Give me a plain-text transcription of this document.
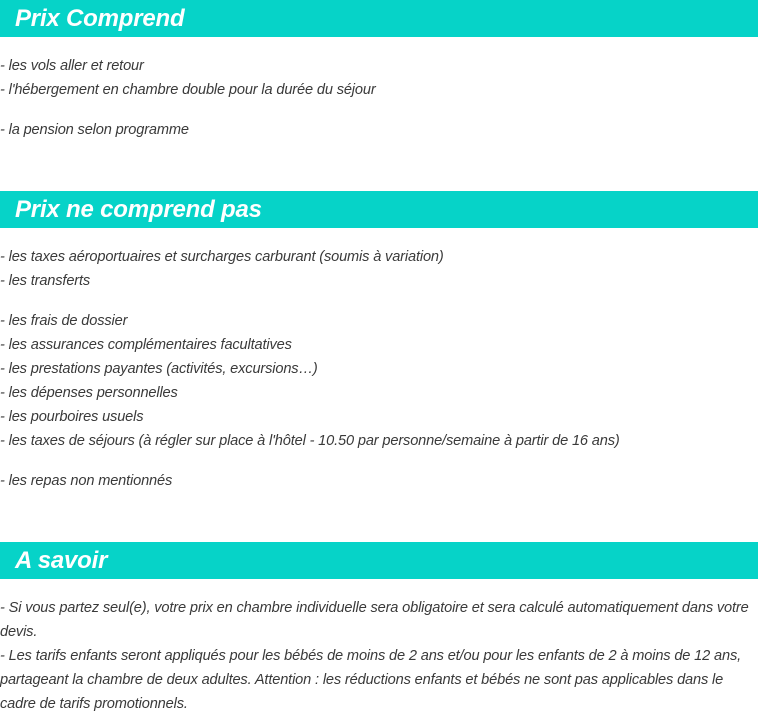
Prix Comprend
- les vols aller et retour
- l'hébergement en chambre double pour la durée du séjour
- la pension selon programme
Prix ne comprend pas
- les taxes aéroportuaires et surcharges carburant (soumis à variation)
- les transferts
- les frais de dossier
- les assurances complémentaires facultatives
- les prestations payantes (activités, excursions…)
- les dépenses personnelles
- les pourboires usuels
- les taxes de séjours (à régler sur place à l'hôtel - 10.50 par personne/semaine à partir de 16 ans)
- les repas non mentionnés
A savoir
- Si vous partez seul(e), votre prix en chambre individuelle sera obligatoire et sera calculé automatiquement dans votre devis.
- Les tarifs enfants seront appliqués pour les bébés de moins de 2 ans et/ou pour les enfants de 2 à moins de 12 ans, partageant la chambre de deux adultes. Attention : les réductions enfants et bébés ne sont pas applicables dans le cadre de tarifs promotionnels.
